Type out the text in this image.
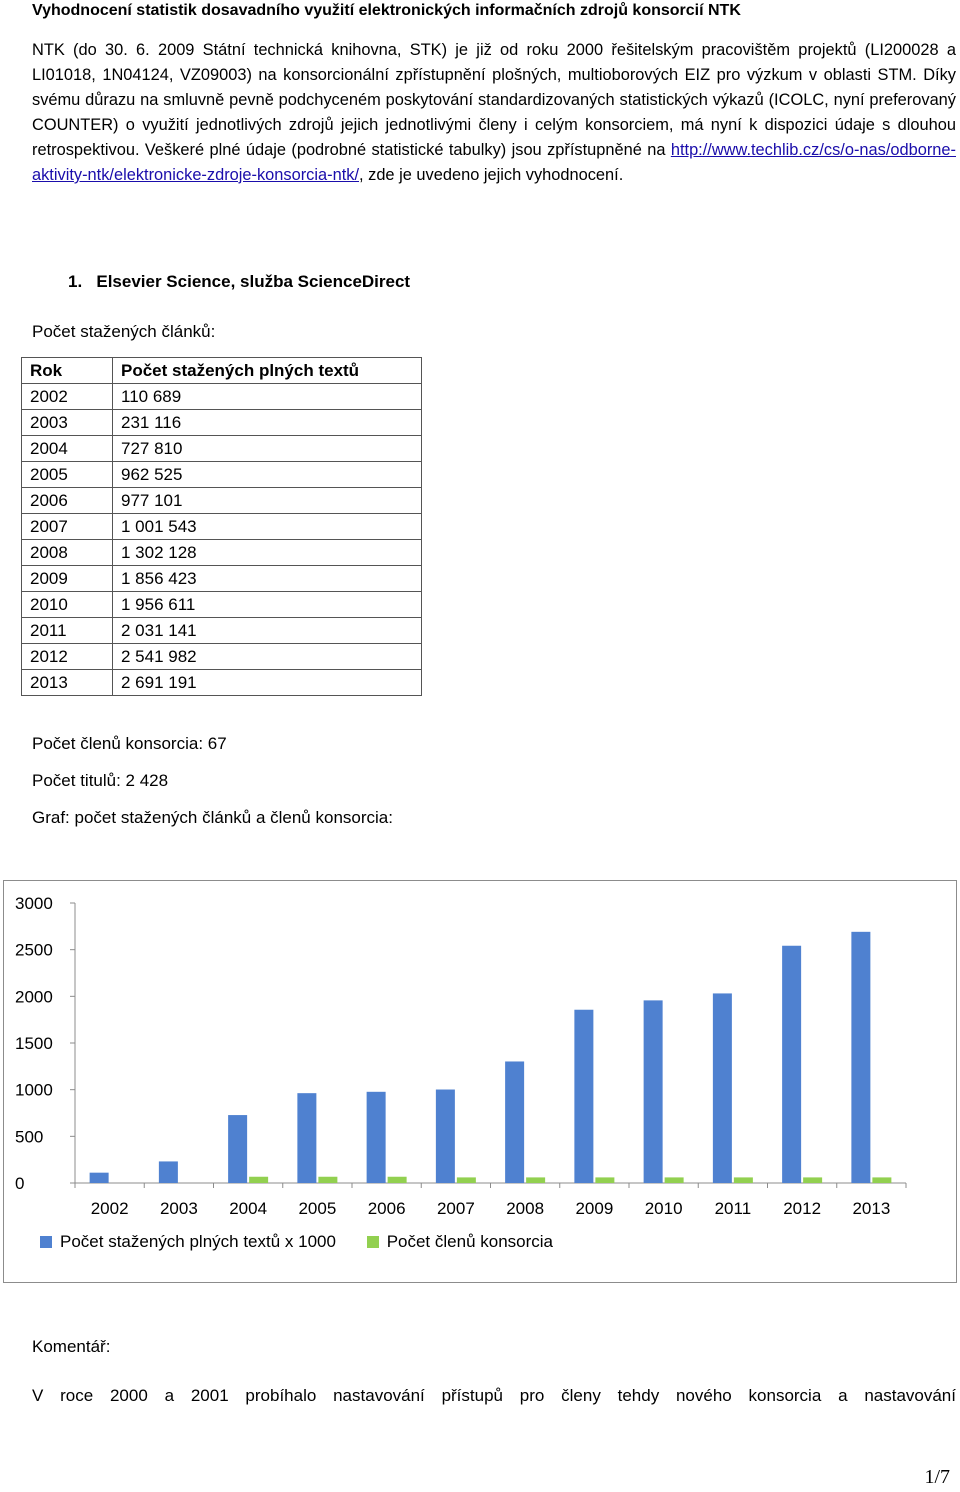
Vyhodnocení statistik dosavadního využití elektronických informačních zdrojů konsorcií NTK
NTK (do 30. 6. 2009 Státní technická knihovna, STK) je již od roku 2000 řešitelským pracovištěm projektů (LI200028 a LI01018, 1N04124, VZ09003) na konsorcionální zpřístupnění plošných, multioborových EIZ pro výzkum v oblasti STM. Díky svému důrazu na smluvně pevně podchyceném poskytování standardizovaných statistických výkazů (ICOLC, nyní preferovaný COUNTER) o využití jednotlivých zdrojů jejich jednotlivými členy i celým konsorciem, má nyní k dispozici údaje s dlouhou retrospektivou. Veškeré plné údaje (podrobné statistické tabulky) jsou zpřístupněné na http://www.techlib.cz/cs/o-nas/odborne-aktivity-ntk/elektronicke-zdroje-konsorcia-ntk/, zde je uvedeno jejich vyhodnocení.
1. Elsevier Science, služba ScienceDirect
Počet stažených článků:
Rok	Počet stažených plných textů
2002	110 689
2003	231 116
2004	727 810
2005	962 525
2006	977 101
2007	1 001 543
2008	1 302 128
2009	1 856 423
2010	1 956 611
2011	2 031 141
2012	2 541 982
2013	2 691 191
Počet členů konsorcia: 67
Počet titulů: 2 428
Graf: počet stažených článků a členů konsorcia:
3000
2500
2000
1500
1000
500
0
2002 2003 2004 2005 2006 2007 2008 2009 2010 2011 2012 2013
Počet stažených plných textů x 1000
	Počet členů konsorcia
Komentář:
V roce 2000 a 2001 probíhalo nastavování přístupů pro členy tehdy nového konsorcia a nastavování
1/7
